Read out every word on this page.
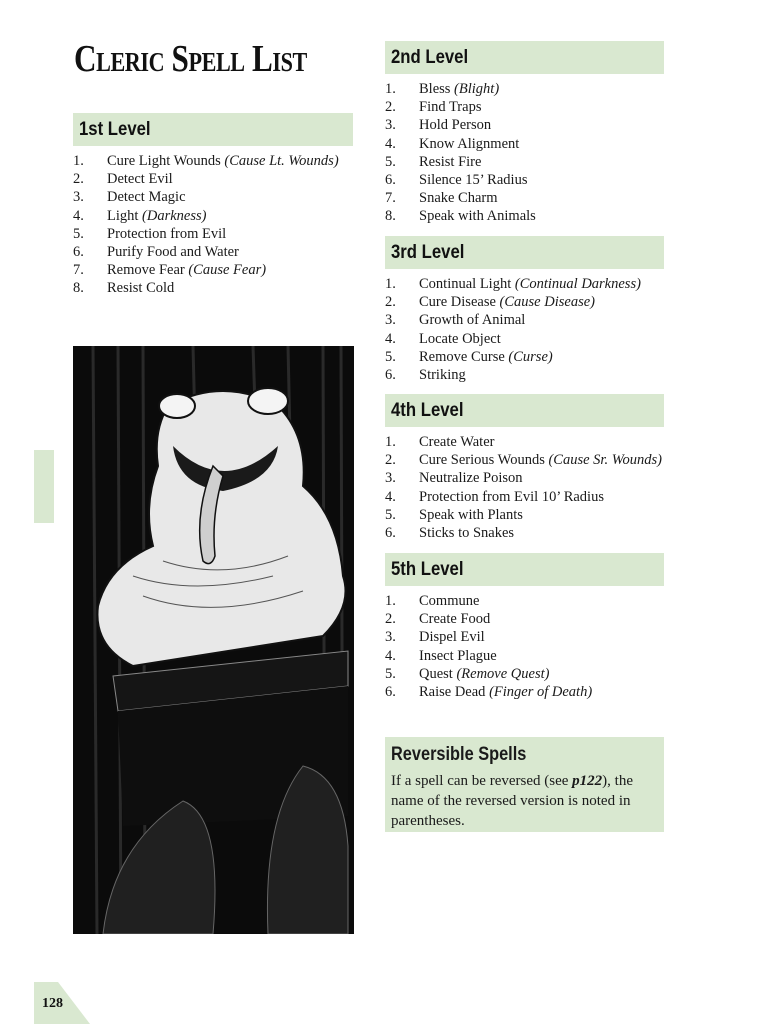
Cleric Spell List
1st Level
1.	Cure Light Wounds
(Cause Lt. Wounds)
2.	Detect Evil
3.	Detect Magic
4.	Light
(Darkness)
5.	Protection from Evil
6.	Purify Food and Water
7.	Remove Fear
(Cause Fear)
8.	Resist Cold
2nd Level
1.	Bless
(Blight)
2.	Find Traps
3.	Hold Person
4.	Know Alignment
5.	Resist Fire
6.	Silence 15’ Radius
7.	Snake Charm
8.	Speak with Animals
3rd Level
1.	Continual Light
(Continual Darkness)
2.	Cure Disease
(Cause Disease)
3.	Growth of Animal
4.	Locate Object
5.	Remove Curse
(Curse)
6.	Striking
4th Level
1.	Create Water
2.	Cure Serious Wounds
(Cause Sr. Wounds)
3.	Neutralize Poison
4.	Protection from Evil 10’ Radius
5.	Speak with Plants
6.	Sticks to Snakes
5th Level
1.	Commune
2.	Create Food
3.	Dispel Evil
4.	Insect Plague
5.	Quest
(Remove Quest)
6.	Raise Dead
(Finger of Death)
Reversible Spells
If a spell can be reversed (see p122), the name of the reversed version is noted in parentheses.
128
